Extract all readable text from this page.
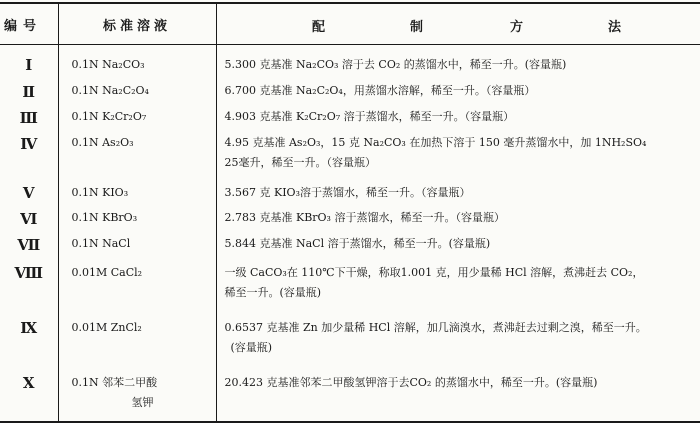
编号	标准溶液	配 制 方 法

Ⅰ	0.1N Na₂CO₃	5.300 克基准 Na₂CO₃ 溶于去 CO₂ 的蒸馏水中，稀至一升。(容量瓶)
Ⅱ	0.1N Na₂C₂O₄	6.700 克基准 Na₂C₂O₄，用蒸馏水溶解，稀至一升。（容量瓶）
Ⅲ	0.1N K₂Cr₂O₇	4.903 克基准 K₂Cr₂O₇ 溶于蒸馏水，稀至一升。（容量瓶）
Ⅳ	0.1N As₂O₃	4.95 克基准 As₂O₃，15 克 Na₂CO₃ 在加热下溶于 150 毫升蒸馏水中，加 1NH₂SO₄
25毫升，稀至一升。（容量瓶）

Ⅴ	0.1N KIO₃	3.567 克 KIO₃溶于蒸馏水，稀至一升。（容量瓶）
Ⅵ	0.1N KBrO₃	2.783 克基准 KBrO₃ 溶于蒸馏水，稀至一升。（容量瓶）
Ⅶ	0.1N NaCl	5.844 克基准 NaCl 溶于蒸馏水，稀至一升。(容量瓶)
Ⅷ	0.01M CaCl₂	一级 CaCO₃在 110℃下干燥，称取1.001 克，用少量稀 HCl 溶解，煮沸赶去 CO₂，
稀至一升。(容量瓶)

Ⅸ	0.01M ZnCl₂	0.6537 克基准 Zn 加少量稀 HCl 溶解，加几滴溴水，煮沸赶去过剩之溴，稀至一升。
(容量瓶)

Ⅹ	0.1N 邻苯二甲酸
氢钾	20.423 克基准邻苯二甲酸氢钾溶于去CO₂ 的蒸馏水中，稀至一升。(容量瓶)
